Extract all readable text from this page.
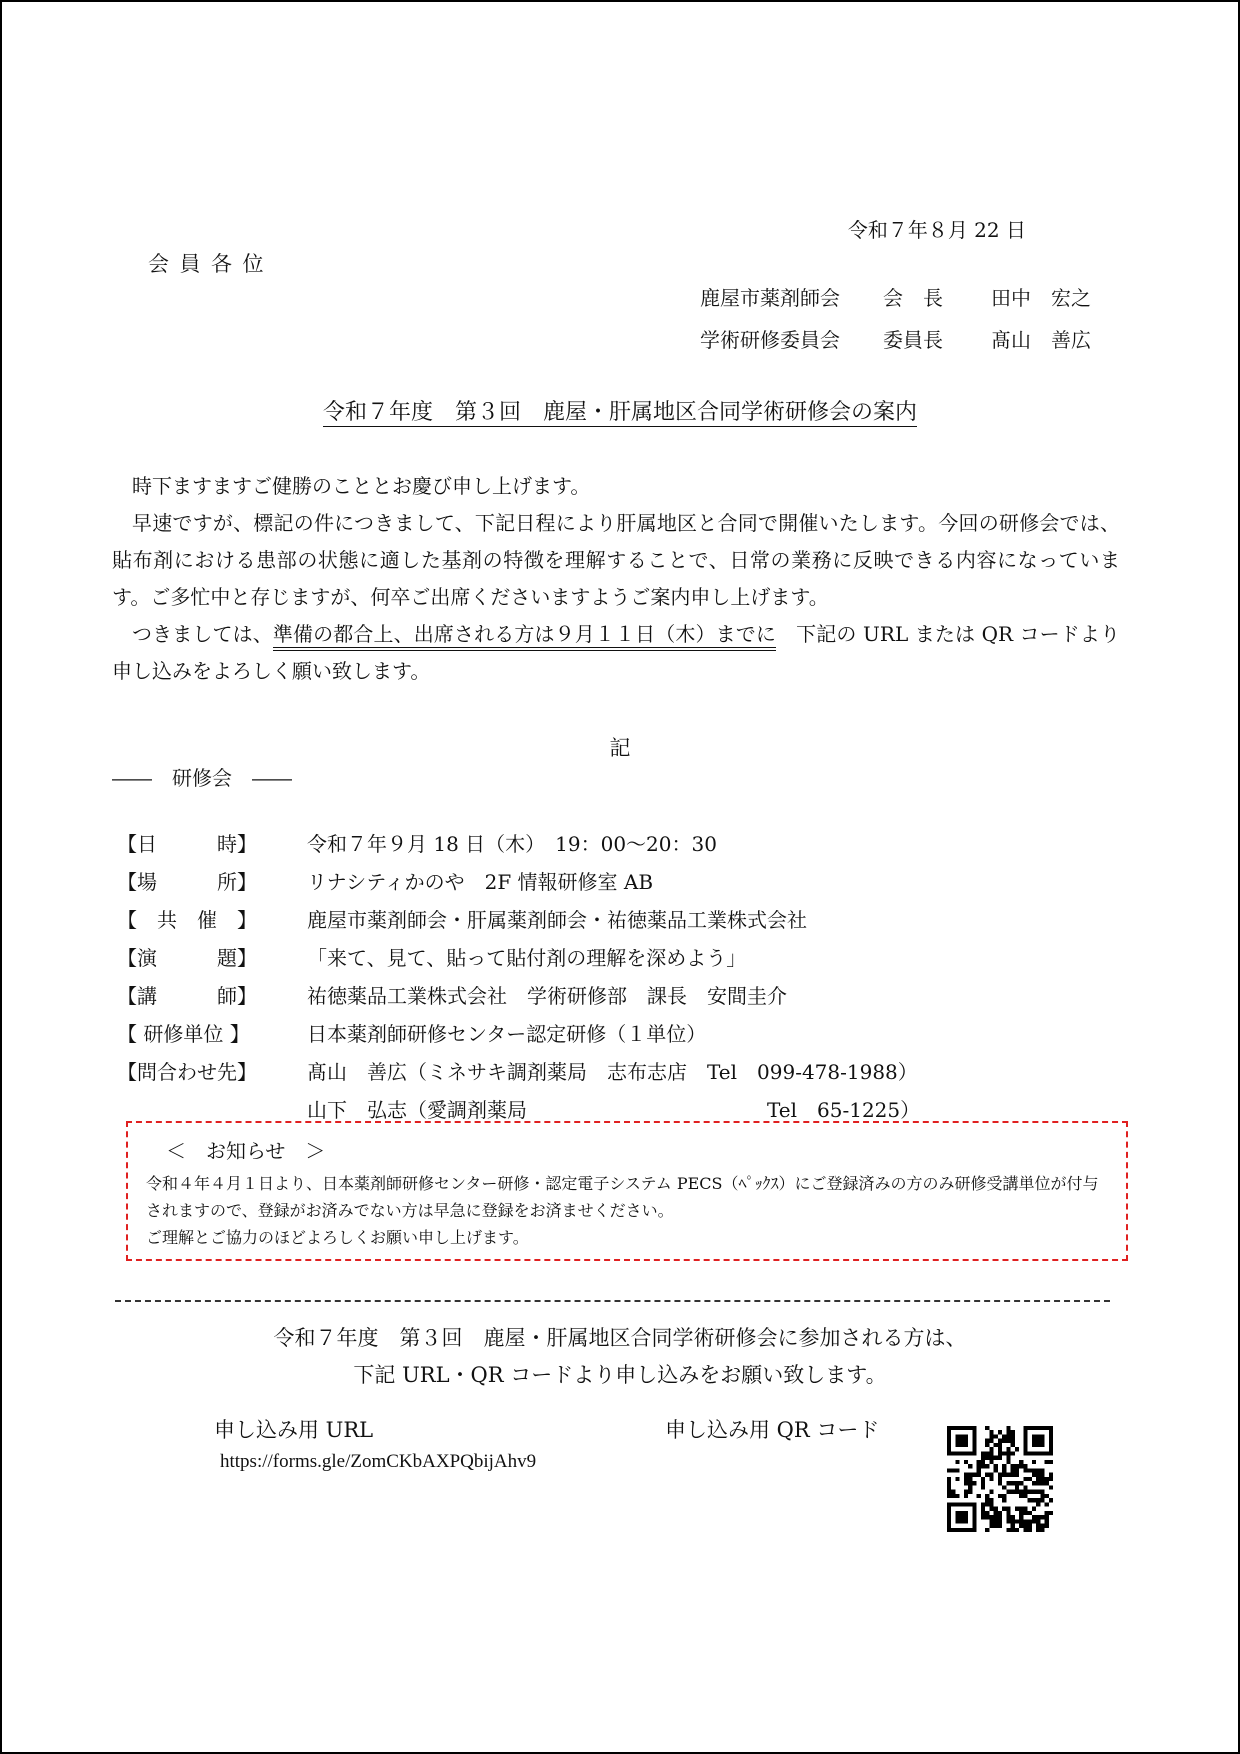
令和７年８月 22 日
会員各位
鹿屋市薬剤師会	会　長	田中　宏之
学術研修委員会	委員長	髙山　善広
令和７年度　第３回　鹿屋・肝属地区合同学術研修会の案内

時下ますますご健勝のこととお慶び申し上げます。

早速ですが、標記の件につきまして、下記日程により肝属地区と合同で開催いたします。今回の研修会では、貼布剤における患部の状態に適した基剤の特徴を理解することで、日常の業務に反映できる内容になっています。ご多忙中と存じますが、何卒ご出席くださいますようご案内申し上げます。

つきましては、準備の都合上、出席される方は９月１１日（木）までに　下記の URL または QR コードより申し込みをよろしく願い致します。

記
――　研修会　――
【日　　　時】	令和７年９月 18 日（木）　19：00〜20：30
【場　　　所】	リナシティかのや　2F 情報研修室 AB
【　共　催　】	鹿屋市薬剤師会・肝属薬剤師会・祐徳薬品工業株式会社
【演　　　題】	「来て、見て、貼って貼付剤の理解を深めよう」
【講　　　師】	祐徳薬品工業株式会社　学術研修部　課長　安間圭介
【 研修単位 】	日本薬剤師研修センター認定研修（１単位）
【問合わせ先】	髙山　善広（ミネサキ調剤薬局　志布志店　Tel　099-478-1988）
	山下　弘志（愛調剤薬局　　　　　　　　　　　　Tel　65-1225）
＜　お知らせ　＞

令和４年４月１日より、日本薬剤師研修センター研修・認定電子システム PECS（ﾍﾟｯｸｽ）にご登録済みの方のみ研修受講単位が付与されますので、登録がお済みでない方は早急に登録をお済ませください。

ご理解とご協力のほどよろしくお願い申し上げます。

令和７年度　第３回　鹿屋・肝属地区合同学術研修会に参加される方は、
下記 URL・QR コードより申し込みをお願い致します。
申し込み用 URL
https://forms.gle/ZomCKbAXPQbijAhv9
申し込み用 QR コード
